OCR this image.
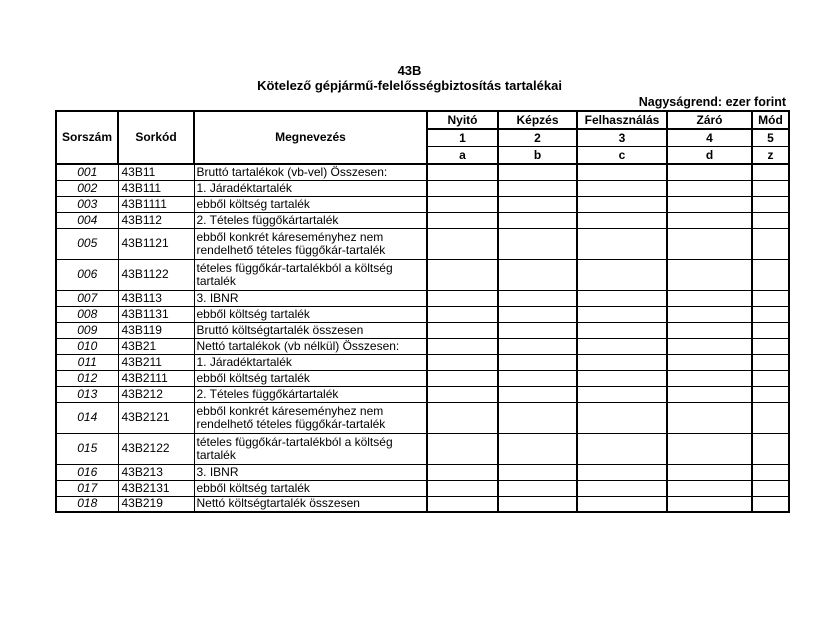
43B
Kötelező gépjármű-felelősségbiztosítás tartalékai
Nagyságrend: ezer forint
Sorszám	Sorkód	Megnevezés	Nyitó	Képzés	Felhasználás	Záró	Mód
			1	2	3	4	5
			a	b	c	d	z
001	43B11	Bruttó tartalékok (vb-vel) Összesen:					
002	43B111	1. Járadéktartalék					
003	43B1111	ebből költség tartalék					
004	43B112	2. Tételes függőkártartalék					
005	43B1121	ebből konkrét káreseményhez nem rendelhető tételes függőkár-tartalék					
006	43B1122	tételes függőkár-tartalékból a költség tartalék					
007	43B113	3. IBNR					
008	43B1131	ebből költség tartalék					
009	43B119	Bruttó költségtartalék összesen					
010	43B21	Nettó tartalékok (vb nélkül) Összesen:					
011	43B211	1. Járadéktartalék					
012	43B2111	ebből költség tartalék					
013	43B212	2. Tételes függőkártartalék					
014	43B2121	ebből konkrét káreseményhez nem rendelhető tételes függőkár-tartalék					
015	43B2122	tételes függőkár-tartalékból a költség tartalék					
016	43B213	3. IBNR					
017	43B2131	ebből költség tartalék					
018	43B219	Nettó költségtartalék összesen					
